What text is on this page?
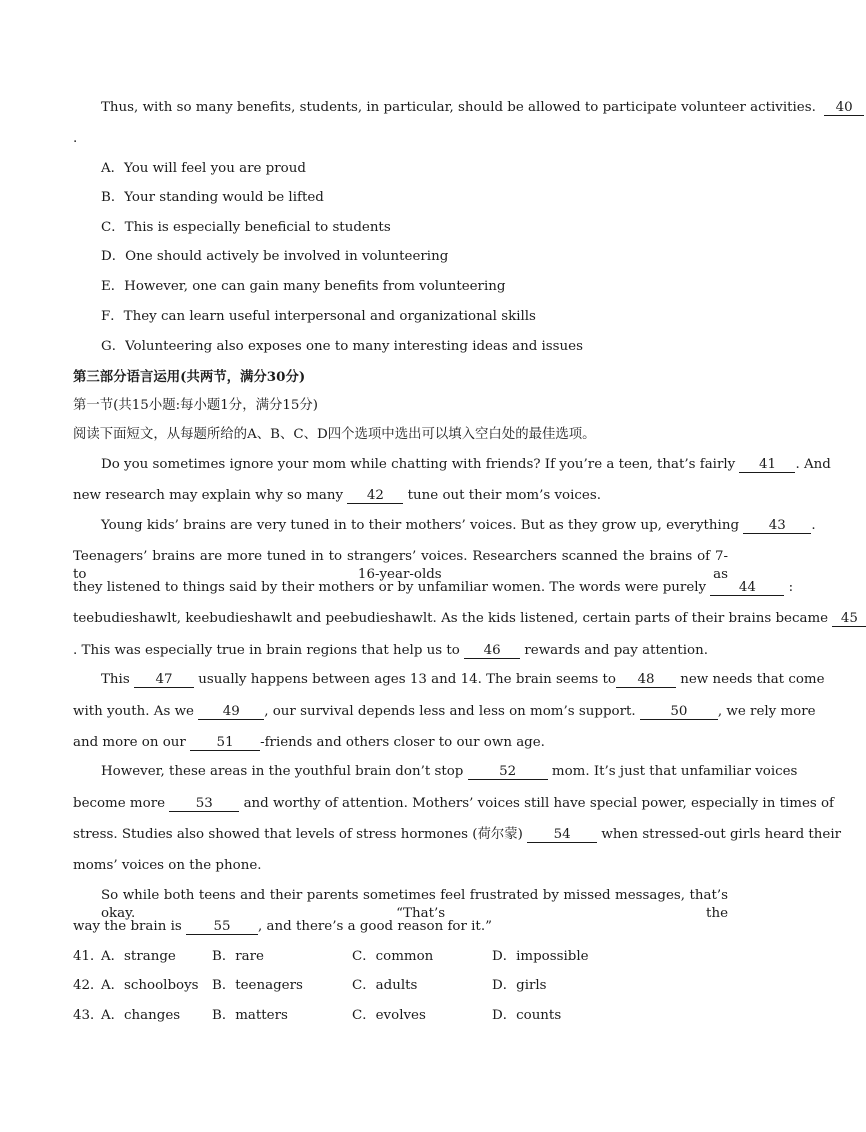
Thus, with so many benefits, students, in particular, should be allowed to participate volunteer activities. 40
.
A．You will feel you are proud
B．Your standing would be lifted
C．This is especially beneficial to students
D．One should actively be involved in volunteering
E．However, one can gain many benefits from volunteering
F．They can learn useful interpersonal and organizational skills
G．Volunteering also exposes one to many interesting ideas and issues
第三部分语言运用(共两节，满分30分)
第一节(共15小题:每小题1分，满分15分)
阅读下面短文，从每题所给的A、B、C、D四个选项中选出可以填入空白处的最佳选项。
Do you sometimes ignore your mom while chatting with friends? If you’re a teen, that’s fairly 41 . And
new research may explain why so many 42 tune out their mom’s voices.
Young kids’ brains are very tuned in to their mothers’ voices. But as they grow up, everything 43 .
Teenagers’ brains are more tuned in to strangers’ voices. Researchers scanned the brains of 7- to 16-year-olds as
they listened to things said by their mothers or by unfamiliar women. The words were purely 44 :
teebudieshawlt, keebudieshawlt and peebudieshawlt. As the kids listened, certain parts of their brains became 45
. This was especially true in brain regions that help us to 46 rewards and pay attention.
This 47 usually happens between ages 13 and 14. The brain seems to 48 new needs that come
with youth. As we 49 , our survival depends less and less on mom’s support.	50 , we rely more
and more on our 51 -friends and others closer to our own age.
However, these areas in the youthful brain don’t stop	52	mom. It’s just that unfamiliar voices
become more 53 and worthy of attention. Mothers’ voices still have special power, especially in times of
stress. Studies also showed that levels of stress hormones (荷尔蒙) 54 when stressed-out girls heard their
moms’ voices on the phone.
So while both teens and their parents sometimes feel frustrated by missed messages, that’s okay. “That’s the
way the brain is 55 , and there’s a good reason for it.”
41．
A．strange	B．rare	C．common	D．impossible
42．
A．schoolboys B．teenagers	C．adults	D．girls
43．
A．changes B．matters	C．evolves	D．counts
